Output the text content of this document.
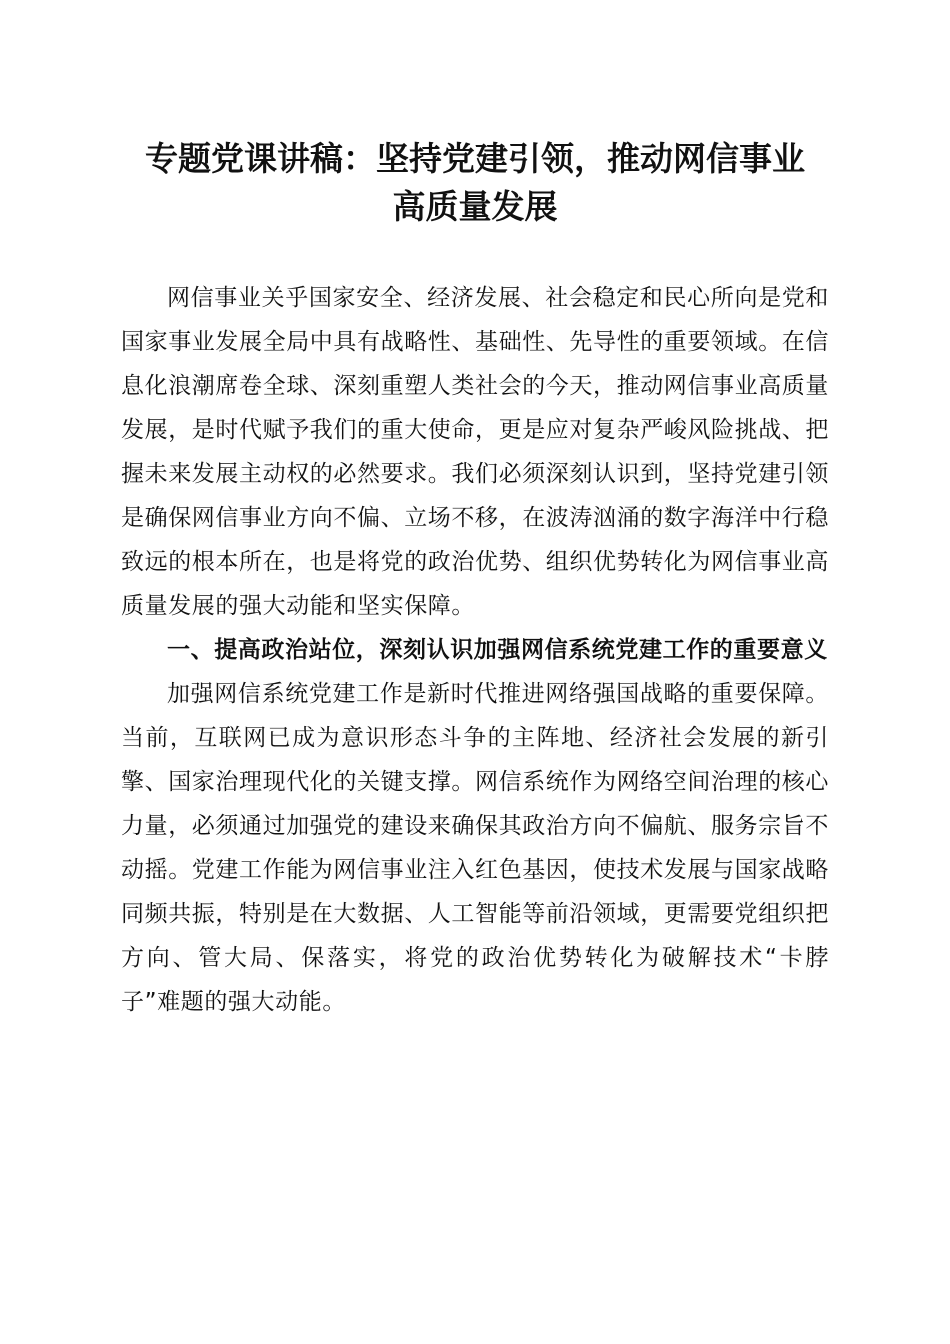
专题党课讲稿：坚持党建引领，推动网信事业
高质量发展

网信事业关乎国家安全、经济发展、社会稳定和民心所向是党和国家事业发展全局中具有战略性、基础性、先导性的重要领域。在信息化浪潮席卷全球、深刻重塑人类社会的今天，推动网信事业高质量发展，是时代赋予我们的重大使命，更是应对复杂严峻风险挑战、把握未来发展主动权的必然要求。我们必须深刻认识到，坚持党建引领是确保网信事业方向不偏、立场不移，在波涛汹涌的数字海洋中行稳致远的根本所在，也是将党的政治优势、组织优势转化为网信事业高质量发展的强大动能和坚实保障。

一、提高政治站位，深刻认识加强网信系统党建工作的重要意义

加强网信系统党建工作是新时代推进网络强国战略的重要保障。当前，互联网已成为意识形态斗争的主阵地、经济社会发展的新引擎、国家治理现代化的关键支撑。网信系统作为网络空间治理的核心力量，必须通过加强党的建设来确保其政治方向不偏航、服务宗旨不动摇。党建工作能为网信事业注入红色基因，使技术发展与国家战略同频共振，特别是在大数据、人工智能等前沿领域，更需要党组织把方向、管大局、保落实，将党的政治优势转化为破解技术“卡脖子”难题的强大动能。
